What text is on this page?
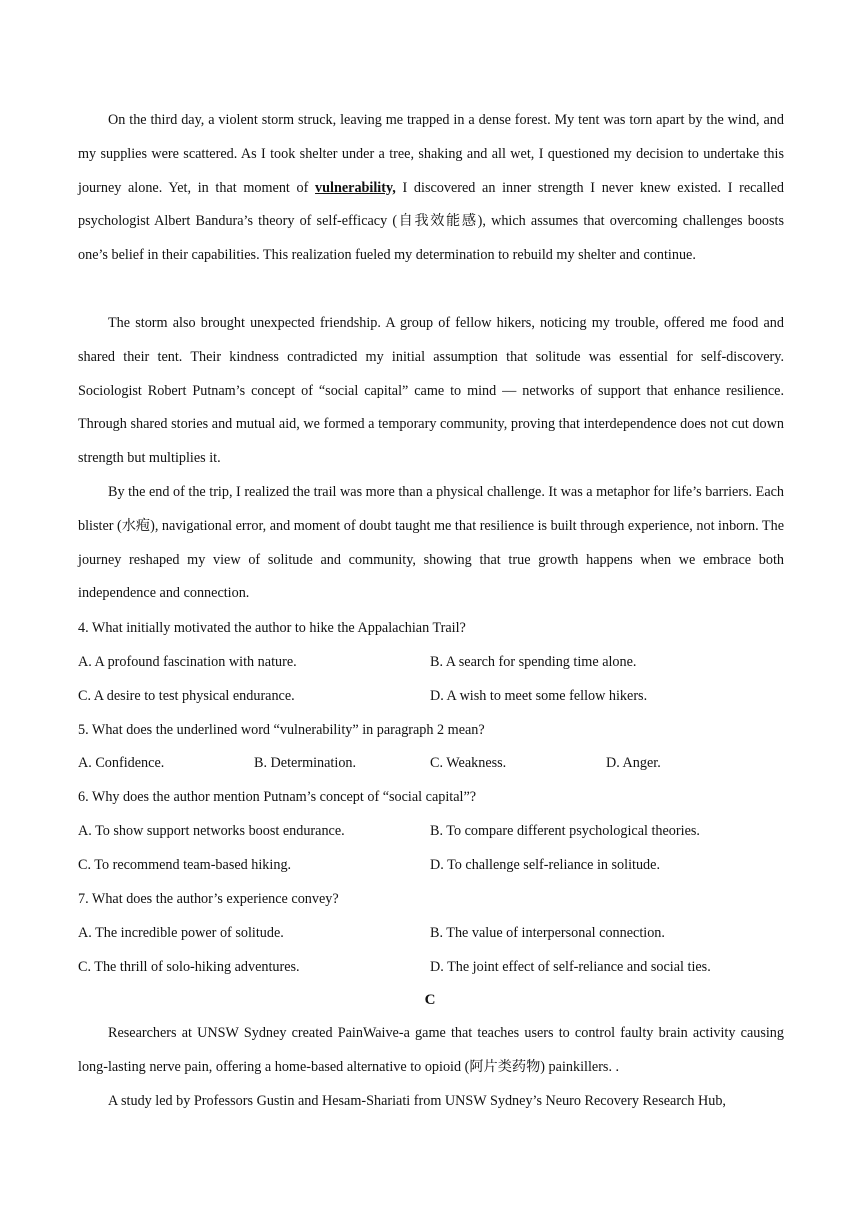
On the third day, a violent storm struck, leaving me trapped in a dense forest. My tent was torn apart by the wind, and my supplies were scattered. As I took shelter under a tree, shaking and all wet, I questioned my decision to undertake this journey alone. Yet, in that moment of vulnerability, I discovered an inner strength I never knew existed. I recalled psychologist Albert Bandura’s theory of self-efficacy (自我效能感), which assumes that overcoming challenges boosts one’s belief in their capabilities. This realization fueled my determination to rebuild my shelter and continue.

The storm also brought unexpected friendship. A group of fellow hikers, noticing my trouble, offered me food and shared their tent. Their kindness contradicted my initial assumption that solitude was essential for self-discovery. Sociologist Robert Putnam’s concept of “social capital” came to mind — networks of support that enhance resilience. Through shared stories and mutual aid, we formed a temporary community, proving that interdependence does not cut down strength but multiplies it.

By the end of the trip, I realized the trail was more than a physical challenge. It was a metaphor for life’s barriers. Each blister (水疱), navigational error, and moment of doubt taught me that resilience is built through experience, not inborn. The journey reshaped my view of solitude and community, showing that true growth happens when we embrace both independence and connection.

4. What initially motivated the author to hike the Appalachian Trail?
A. A profound fascination with nature.	B. A search for spending time alone.
C. A desire to test physical endurance.	D. A wish to meet some fellow hikers.
5. What does the underlined word “vulnerability” in paragraph 2 mean?
A. Confidence.	B. Determination.	C. Weakness.	D. Anger.
6. Why does the author mention Putnam’s concept of “social capital”?
A. To show support networks boost endurance.	B. To compare different psychological theories.
C. To recommend team-based hiking.	D. To challenge self-reliance in solitude.
7. What does the author’s experience convey?
A. The incredible power of solitude.	B. The value of interpersonal connection.
C. The thrill of solo-hiking adventures.	D. The joint effect of self-reliance and social ties.
C

Researchers at UNSW Sydney created PainWaive-a game that teaches users to control faulty brain activity causing long-lasting nerve pain, offering a home-based alternative to opioid (阿片类药物) painkillers. .

A study led by Professors Gustin and Hesam-Shariati from UNSW Sydney’s Neuro Recovery Research Hub,
